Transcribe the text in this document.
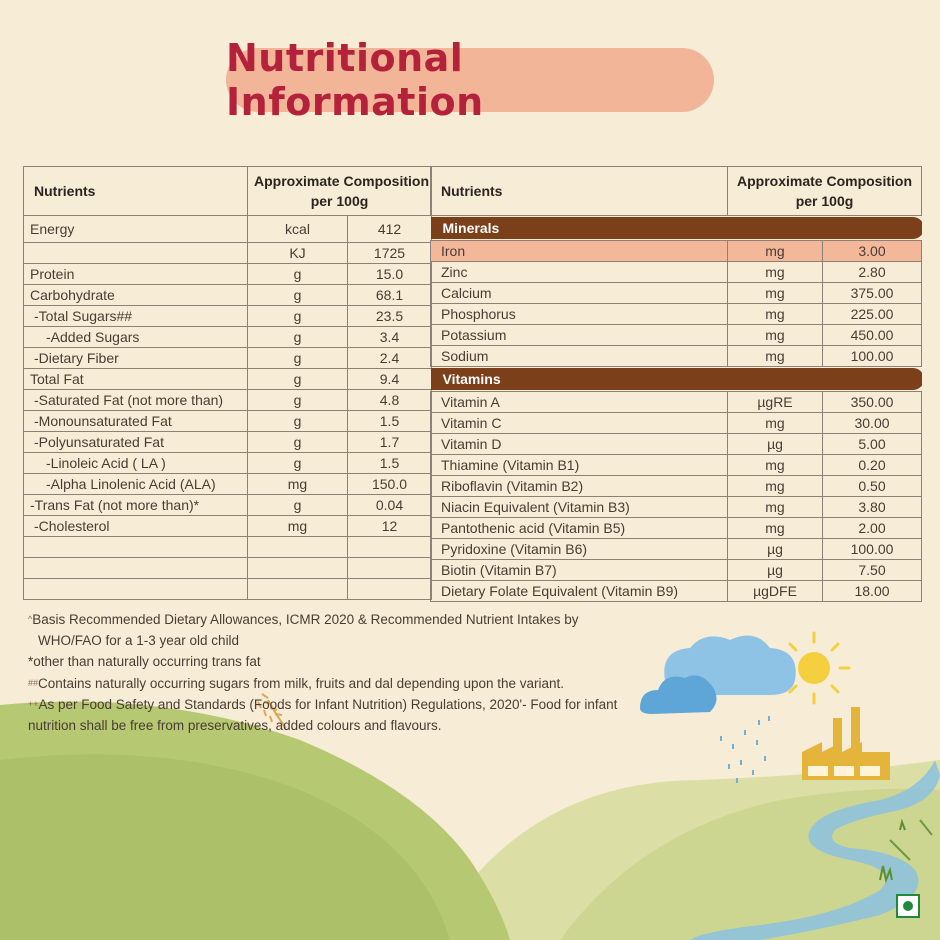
Nutritional Information
Nutrients	Approximate Composition
per 100g	

Energy	kcal	412
	KJ	1725
Protein	g	15.0
Carbohydrate	g	68.1
-Total Sugars##	g	23.5
-Added Sugars	g	3.4
-Dietary Fiber	g	2.4
Total Fat	g	9.4
-Saturated Fat (not more than)	g	4.8
-Monounsaturated Fat	g	1.5
-Polyunsaturated Fat	g	1.7
-Linoleic Acid ( LA )	g	1.5
-Alpha Linolenic Acid (ALA)	mg	150.0
-Trans Fat (not more than)*	g	0.04
-Cholesterol	mg	12

Nutrients	Approximate Composition
per 100g	

Minerals		

Iron	mg	3.00
Zinc	mg	2.80
Calcium	mg	375.00
Phosphorus	mg	225.00
Potassium	mg	450.00
Sodium	mg	100.00

Vitamins		

Vitamin A	µgRE	350.00
Vitamin C	mg	30.00
Vitamin D	µg	5.00
Thiamine (Vitamin B1)	mg	0.20
Riboflavin (Vitamin B2)	mg	0.50
Niacin Equivalent (Vitamin B3)	mg	3.80
Pantothenic acid (Vitamin B5)	mg	2.00
Pyridoxine (Vitamin B6)	µg	100.00
Biotin (Vitamin B7)	µg	7.50
Dietary Folate Equivalent (Vitamin B9)	µgDFE	18.00
^Basis Recommended Dietary Allowances, ICMR 2020 & Recommended Nutrient Intakes by
WHO/FAO for a 1-3 year old child
*other than naturally occurring trans fat
##Contains naturally occurring sugars from milk, fruits and dal depending upon the variant.
++As per Food Safety and Standards (Foods for Infant Nutrition) Regulations, 2020'- Food for infant
nutrition shall be free from preservatives, added colours and flavours.
